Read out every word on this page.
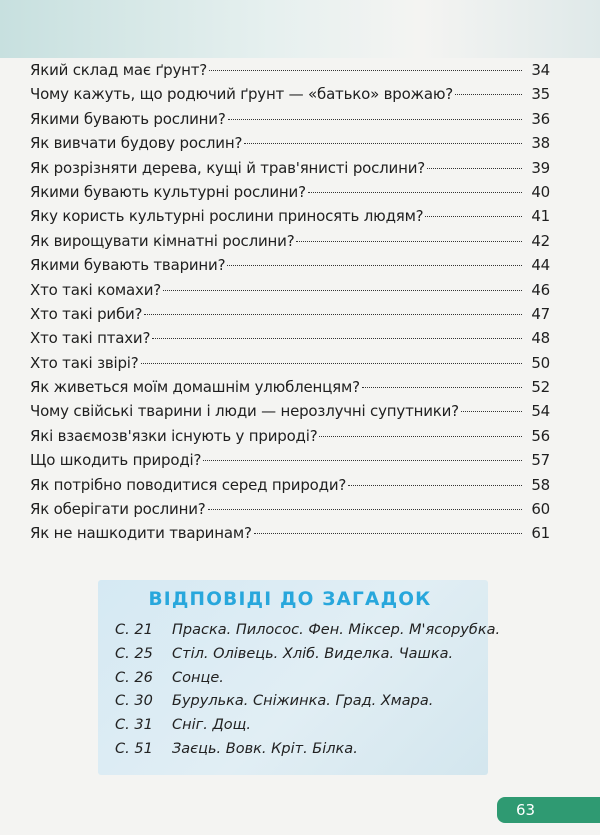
Який склад має ґрунт?	34
Чому кажуть, що родючий ґрунт — «батько» врожаю?	35
Якими бувають рослини?	36
Як вивчати будову рослин?	38
Як розрізняти дерева, кущі й трав'янисті рослини?	39
Якими бувають культурні рослини?	40
Яку користь культурні рослини приносять людям?	41
Як вирощувати кімнатні рослини?	42
Якими бувають тварини?	44
Хто такі комахи?	46
Хто такі риби?	47
Хто такі птахи?	48
Хто такі звірі?	50
Як живеться моїм домашнім улюбленцям?	52
Чому свійські тварини і люди — нерозлучні супутники?	54
Які взаємозв'язки існують у природі?	56
Що шкодить природі?	57
Як потрібно поводитися серед природи?	58
Як оберігати рослини?	60
Як не нашкодити тваринам?	61
ВІДПОВІДІ ДО ЗАГАДОК
С. 21	Праска. Пилосос. Фен. Міксер. М'ясорубка.
С. 25	Стіл. Олівець. Хліб. Виделка. Чашка.
С. 26	Сонце.
С. 30	Бурулька. Сніжинка. Град. Хмара.
С. 31	Сніг. Дощ.
С. 51	Заєць. Вовк. Кріт. Білка.
63
